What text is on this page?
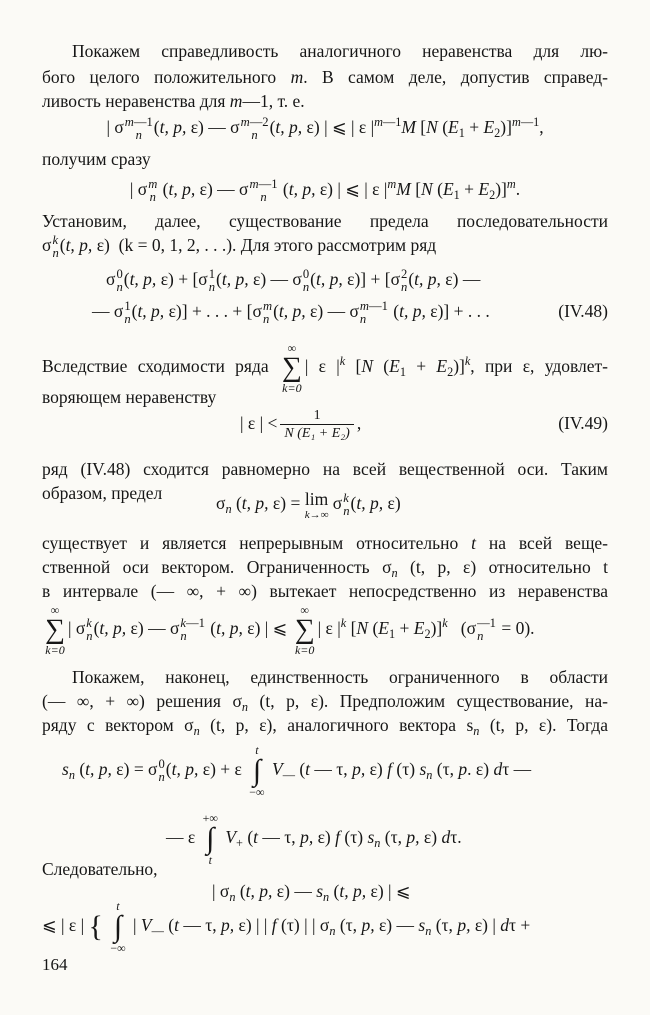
Покажем справедливость аналогичного неравенства для лю-
бого целого положительного m. В самом деле, допустив справед-
ливость неравенства для m—1, т. е.
| σ m—1
n (t, p, ε) — σ m—2
n (t, p, ε) | ⩽ | ε $|^{m—1}M$ [N $(E_1 + E_2)]^{m—1}$,
получим сразу
| σ m
n (t, p, ε) — σ m—1
n (t, p, ε) | ⩽ | ε $|^mM$ [N $(E_1 + E_2)]^m$.
Установим, далее, существование предела последовательности
σ k
n (t, p, ε)  (k = 0, 1, 2, . . .). Для этого рассмотрим ряд
σ 0
n (t, p, ε) + [σ 1
n (t, p, ε) — σ 0
n (t, p, ε)] + [σ 2
n (t, p, ε) —
— σ 1
n (t, p, ε)] + . . . + [σ m
n (t, p, ε) — σ m—1
n	(t, p, ε)] + . . .	(IV.48)
Вследствие сходимости ряда
∞
∑
k=0
| ε $|^k$ [N $(E_1 + E_2)]^k$, при ε, удовлет-
воряющем неравенству
| ε | < $\frac{1}{\text{N (E₁ + E₂)}}$ ,	(IV.49)
ряд (IV.48) сходится равномерно на всей вещественной оси. Таким
образом, предел	$\sigma_n$ (t, p, ε) = lim
k→∞
σ k
n (t, p, ε)
существует и является непрерывным относительно t на всей веще-
ственной оси вектором. Ограниченность $\sigma_n$ (t, p, ε) относительно t
в интервале (— ∞, + ∞) вытекает непосредственно из неравенства
∞
∑
k=0
| σ k
n (t, p, ε) — σ k—1
n	(t, p, ε) | ⩽
∞
∑
k=0
| ε $|^k$ [N $(E_1 + E_2)]^k$   (σ —1
n = 0).
Покажем, наконец, единственность ограниченного в области
(— ∞, + ∞) решения $\sigma_n$ (t, p, ε). Предположим существование, на-
ряду с вектором $\sigma_n$ (t, p, ε), аналогичного вектора $s_n$ (t, p, ε). Тогда
$s_n$ (t, p, ε) = σ 0
n (t, p, ε) + ε
t
∫
−∞
$V_—$ (t — τ, p, ε) f (τ) $s_n$ (τ, p. ε) dτ —
— ε
+∞
∫
t
$V_+$ (t — τ, p, ε) f (τ) $s_n$ (τ, p, ε) dτ.
Следовательно,
| $\sigma_n$ (t, p, ε) — $s_n$ (t, p, ε) | ⩽
⩽ | ε | {
t
∫
−∞
| $V_—$ (t — τ, p, ε) | | f (τ) | | $\sigma_n$ (τ, p, ε) — $s_n$ (τ, p, ε) | dτ +
164
